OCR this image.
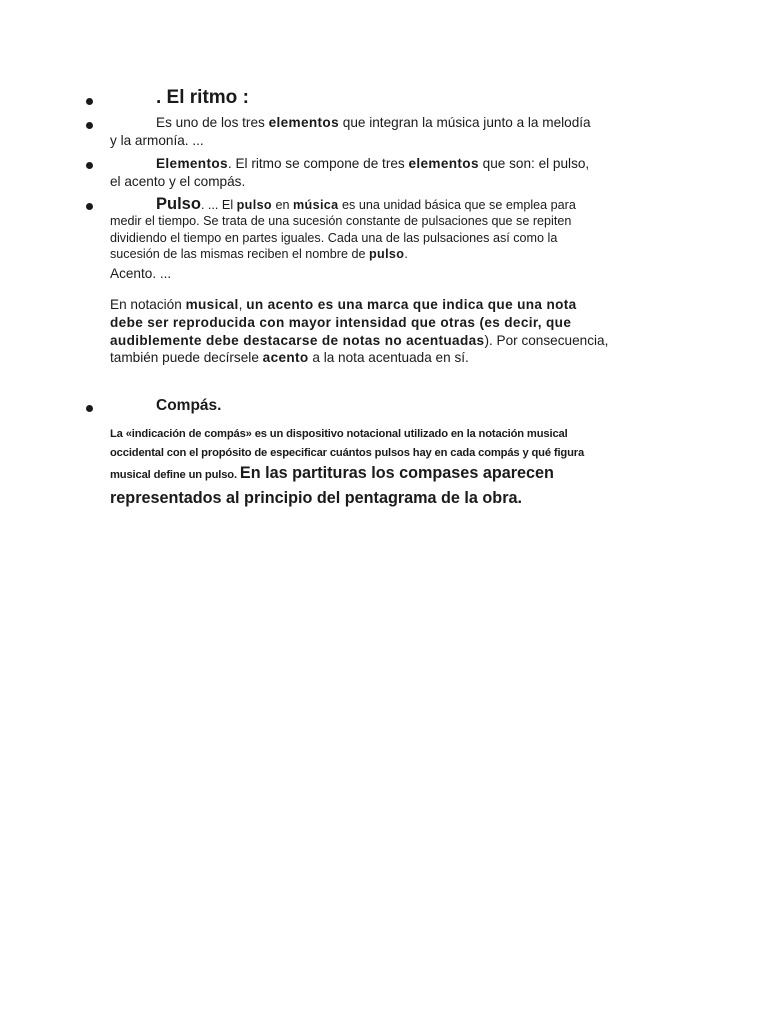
. El ritmo :
Es uno de los tres elementos que integran la música junto a la melodía
y la armonía. ...
Elementos. El ritmo se compone de tres elementos que son: el pulso,
el acento y el compás.
Pulso. ... El pulso en música es una unidad básica que se emplea para
medir el tiempo. Se trata de una sucesión constante de pulsaciones que se repiten
dividiendo el tiempo en partes iguales. Cada una de las pulsaciones así como la
sucesión de las mismas reciben el nombre de pulso.
Acento. ...
En notación musical, un acento es una marca que indica que una nota
debe ser reproducida con mayor intensidad que otras (es decir, que
audiblemente debe destacarse de notas no acentuadas). Por consecuencia,
también puede decírsele acento a la nota acentuada en sí.
Compás.
La «indicación de compás» es un dispositivo notacional utilizado en la notación musical
occidental con el propósito de especificar cuántos pulsos hay en cada compás y qué figura
musical define un pulso. En las partituras los compases aparecen
representados al principio del pentagrama de la obra.
